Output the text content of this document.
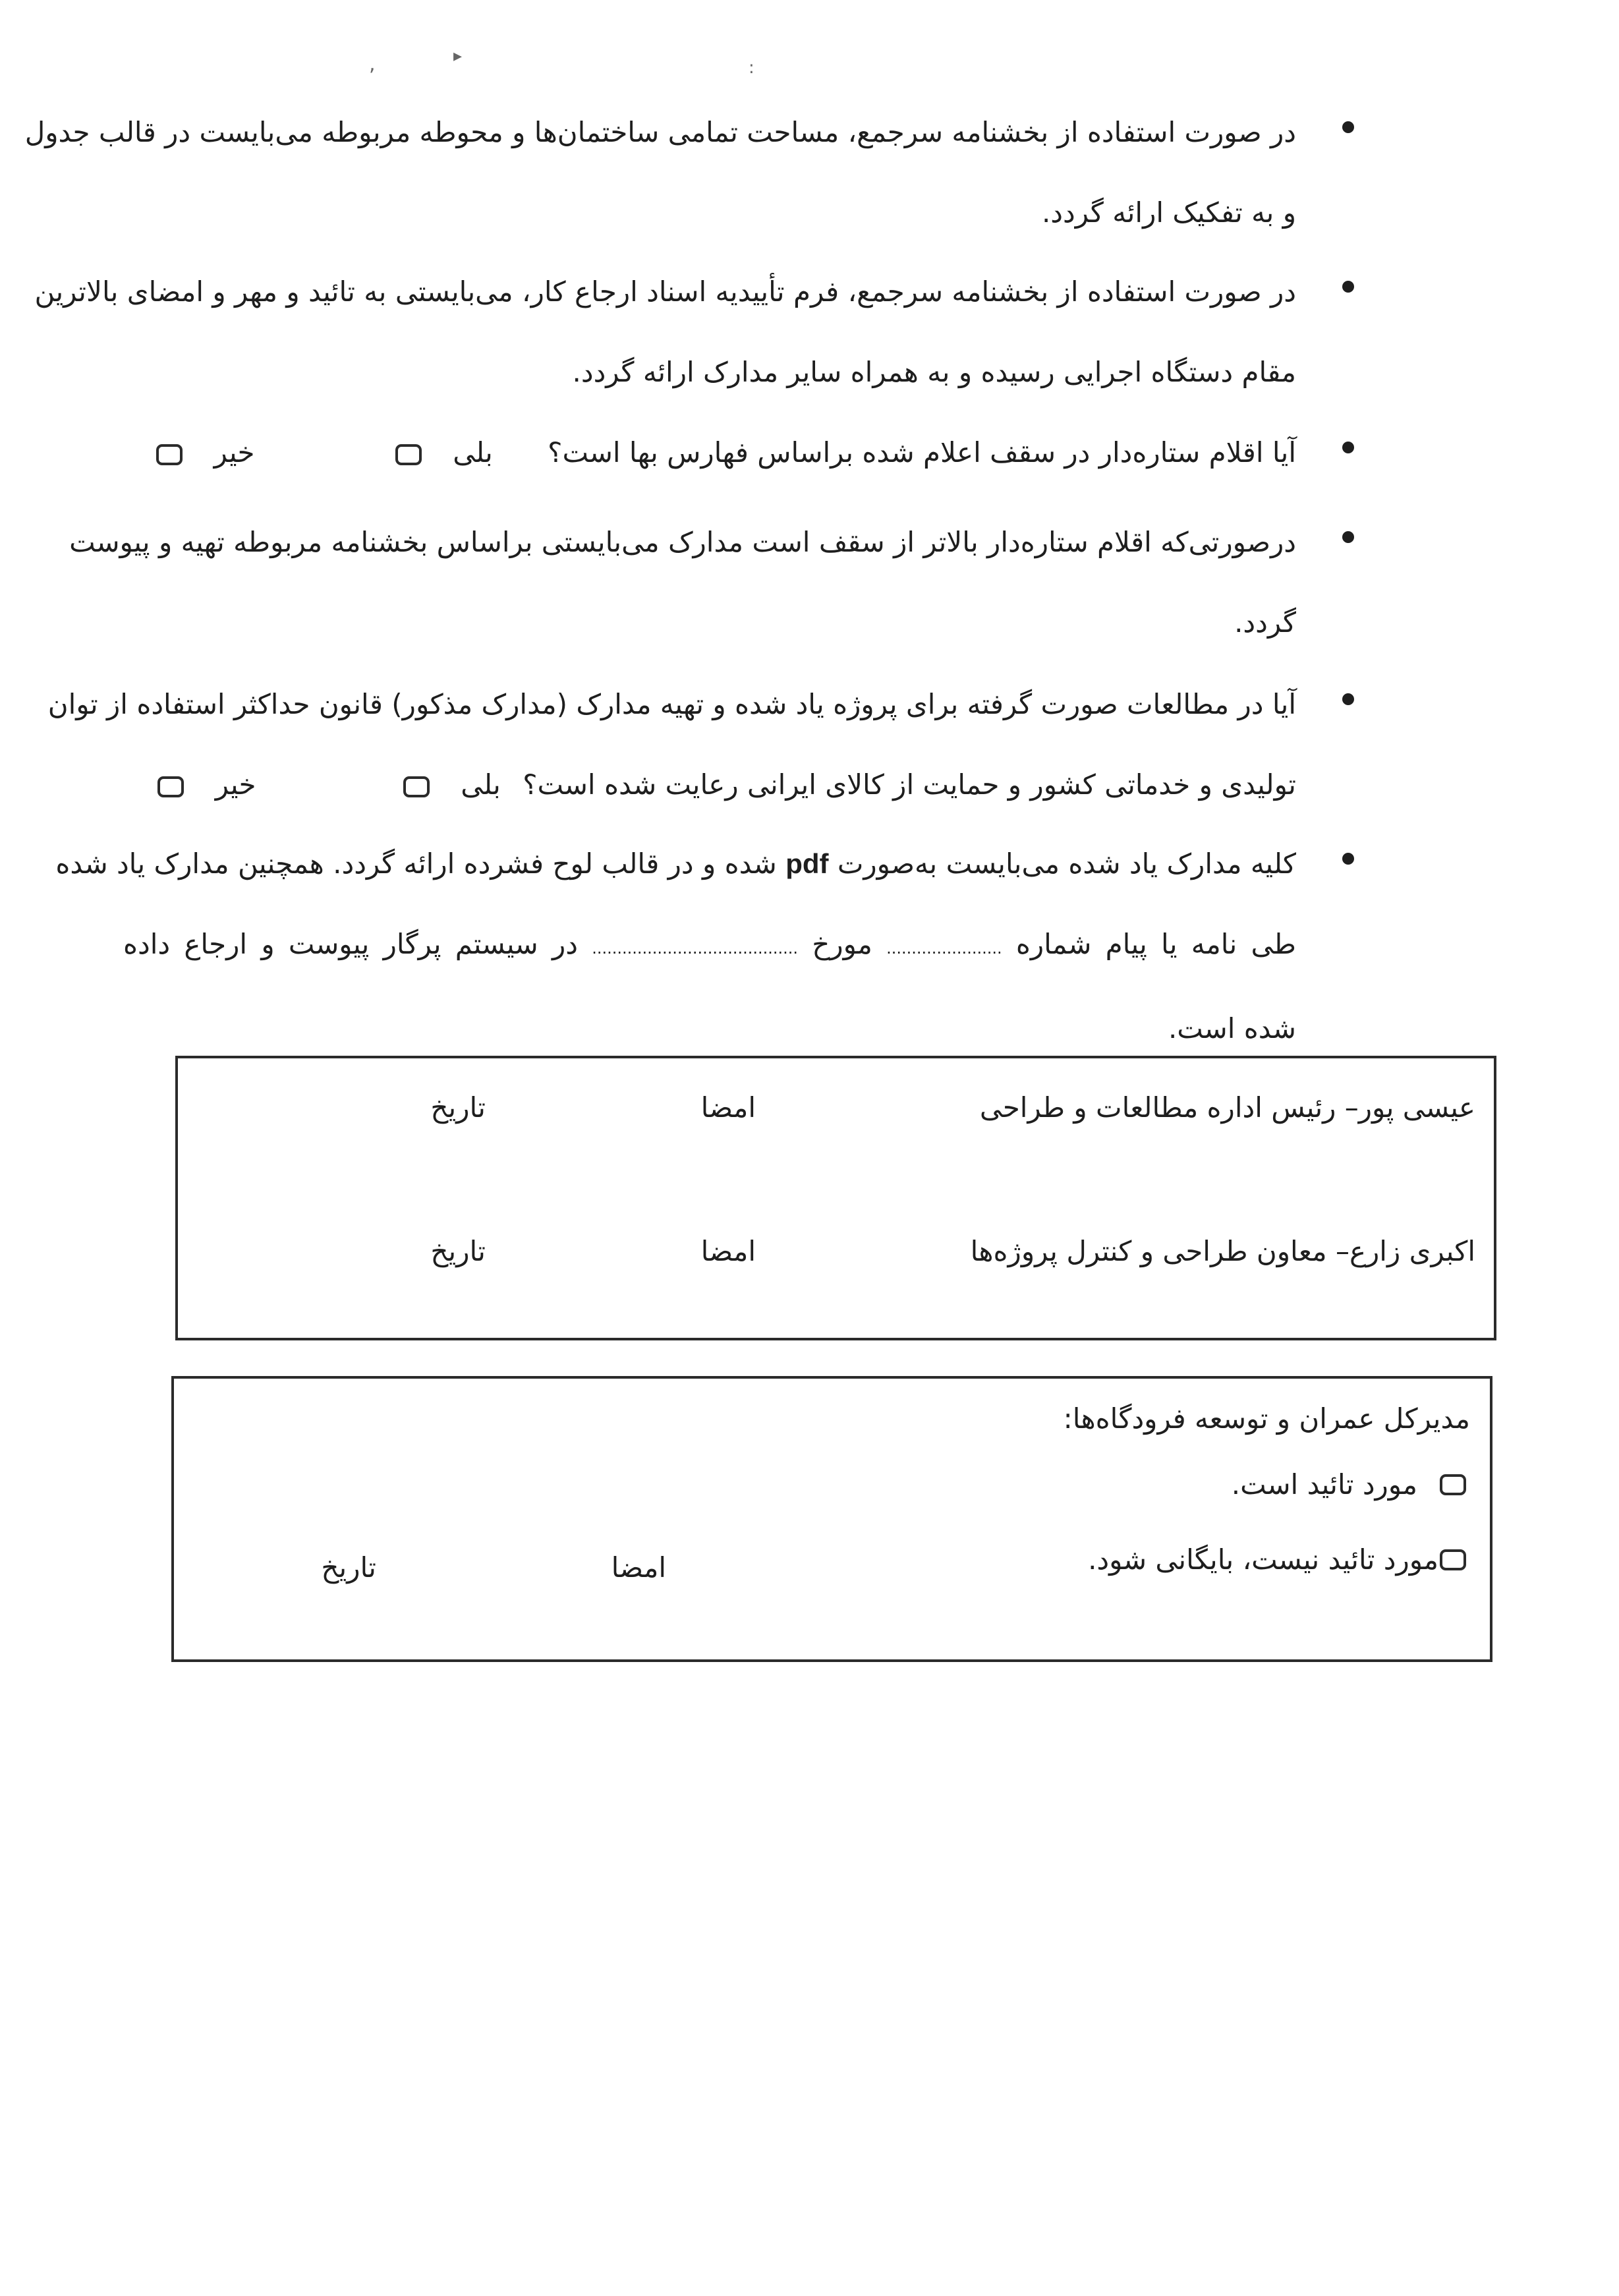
,	▸
:
در صورت استفاده از بخشنامه سرجمع، مساحت تمامی ساختمان‌ها و محوطه مربوطه می‌بایست در قالب جدول
و به تفکیک ارائه گردد.
در صورت استفاده از بخشنامه سرجمع، فرم تأییدیه اسناد ارجاع کار، می‌بایستی به تائید و مهر و امضای بالاترین
مقام دستگاه اجرایی رسیده و به همراه سایر مدارک ارائه گردد.
آیا اقلام ستاره‌دار در سقف اعلام شده براساس فهارس بها است؟ بلی  خیر
درصورتی‌که اقلام ستاره‌دار بالاتر از سقف است مدارک می‌بایستی براساس بخشنامه مربوطه تهیه و پیوست
گردد.
آیا در مطالعات صورت گرفته برای پروژه یاد شده و تهیه مدارک (مدارک مذکور) قانون حداکثر استفاده از توان
تولیدی و خدماتی کشور و حمایت از کالای ایرانی رعایت شده است؟ بلی  خیر
کلیه مدارک یاد شده می‌بایست به‌صورت pdf شده و در قالب لوح فشرده ارائه گردد. همچنین مدارک یاد شده
طی نامه یا پیام شماره ....................... مورخ ......................................... در سیستم پرگار پیوست و ارجاع داده
شده است.
عیسی پور– رئیس اداره مطالعات و طراحی
امضا
تاریخ
اکبری زارع– معاون طراحی و کنترل پروژه‌ها
امضا
تاریخ
مدیرکل عمران و توسعه فرودگاه‌ها:
مورد تائید است.
مورد تائید نیست، بایگانی شود.
امضا
تاریخ
